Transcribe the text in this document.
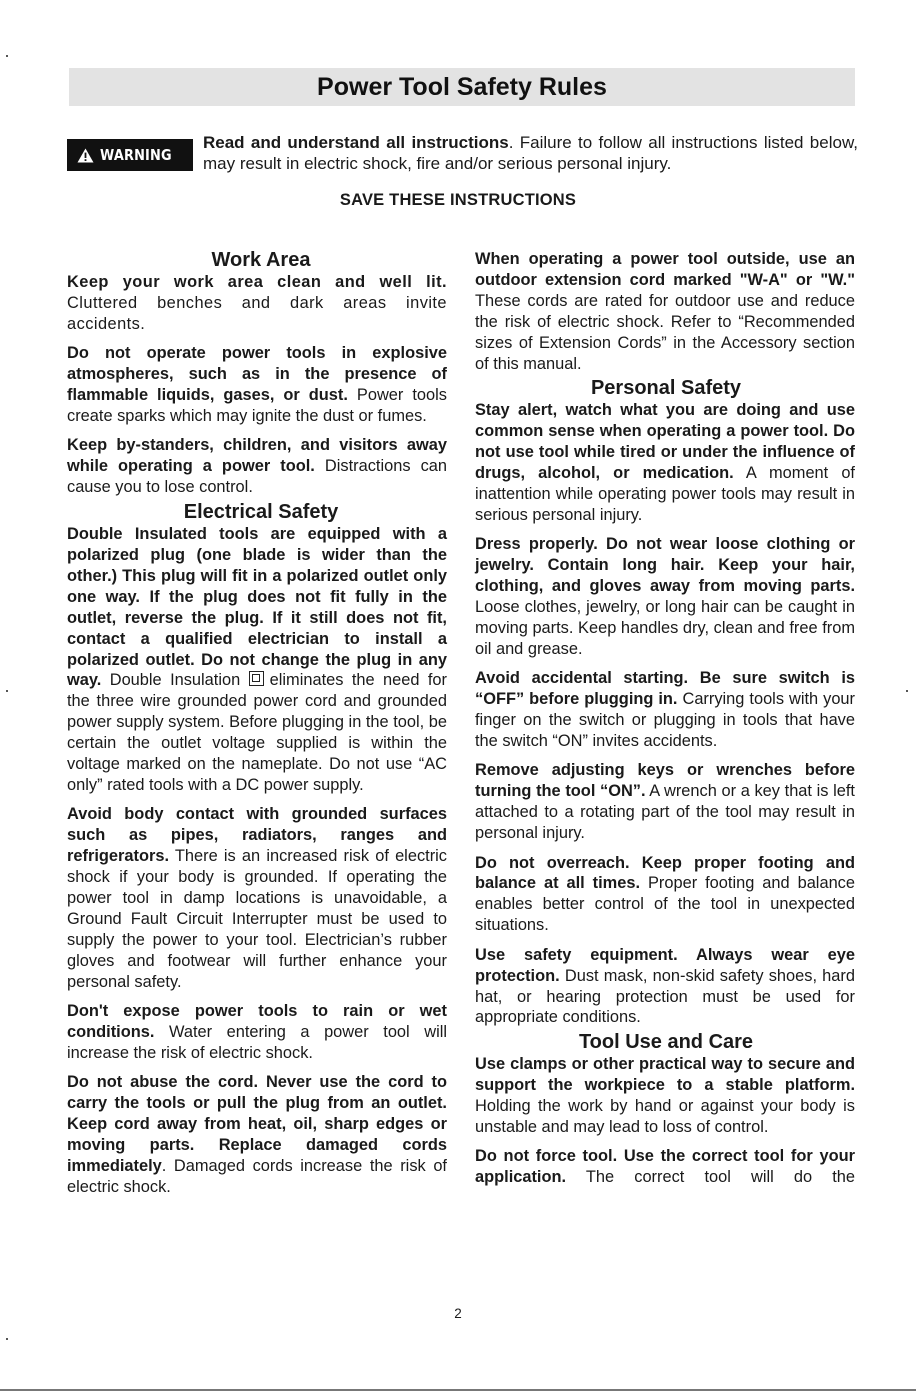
Power Tool Safety Rules
WARNING
Read and understand all instructions. Failure to follow all instructions listed below, may result in electric shock, fire and/or serious personal injury.
SAVE THESE INSTRUCTIONS
Work Area

Keep your work area clean and well lit. Cluttered benches and dark areas invite accidents.

Do not operate power tools in explosive atmospheres, such as in the presence of flammable liquids, gases, or dust. Power tools create sparks which may ignite the dust or fumes.

Keep by-standers, children, and visitors away while operating a power tool. Distractions can cause you to lose control.

Electrical Safety

Double Insulated tools are equipped with a polarized plug (one blade is wider than the other.) This plug will fit in a polarized outlet only one way. If the plug does not fit fully in the outlet, reverse the plug. If it still does not fit, contact a qualified electrician to install a polarized outlet. Do not change the plug in any way. Double Insulation eliminates the need for the three wire grounded power cord and grounded power supply system. Before plugging in the tool, be certain the outlet voltage supplied is within the voltage marked on the nameplate. Do not use “AC only” rated tools with a DC power supply.

Avoid body contact with grounded surfaces such as pipes, radiators, ranges and refrigerators. There is an increased risk of electric shock if your body is grounded. If operating the power tool in damp locations is unavoidable, a Ground Fault Circuit Interrupter must be used to supply the power to your tool. Electrician’s rubber gloves and footwear will further enhance your personal safety.

Don't expose power tools to rain or wet conditions. Water entering a power tool will increase the risk of electric shock.

Do not abuse the cord. Never use the cord to carry the tools or pull the plug from an outlet. Keep cord away from heat, oil, sharp edges or moving parts. Replace damaged cords immediately. Damaged cords increase the risk of electric shock.

When operating a power tool outside, use an outdoor extension cord marked "W-A" or "W." These cords are rated for outdoor use and reduce the risk of electric shock. Refer to “Recommended sizes of Extension Cords” in the Accessory section of this manual.

Personal Safety

Stay alert, watch what you are doing and use common sense when operating a power tool. Do not use tool while tired or under the influence of drugs, alcohol, or medication. A moment of inattention while operating power tools may result in serious personal injury.

Dress properly. Do not wear loose clothing or jewelry. Contain long hair. Keep your hair, clothing, and gloves away from moving parts. Loose clothes, jewelry, or long hair can be caught in moving parts. Keep handles dry, clean and free from oil and grease.

Avoid accidental starting. Be sure switch is “OFF” before plugging in. Carrying tools with your finger on the switch or plugging in tools that have the switch “ON” invites accidents.

Remove adjusting keys or wrenches before turning the tool “ON”. A wrench or a key that is left attached to a rotating part of the tool may result in personal injury.

Do not overreach. Keep proper footing and balance at all times. Proper footing and balance enables better control of the tool in unexpected situations.

Use safety equipment. Always wear eye protection. Dust mask, non-skid safety shoes, hard hat, or hearing protection must be used for appropriate conditions.

Tool Use and Care

Use clamps or other practical way to secure and support the workpiece to a stable platform. Holding the work by hand or against your body is unstable and may lead to loss of control.

Do not force tool. Use the correct tool for your application. The correct tool will do the

2
